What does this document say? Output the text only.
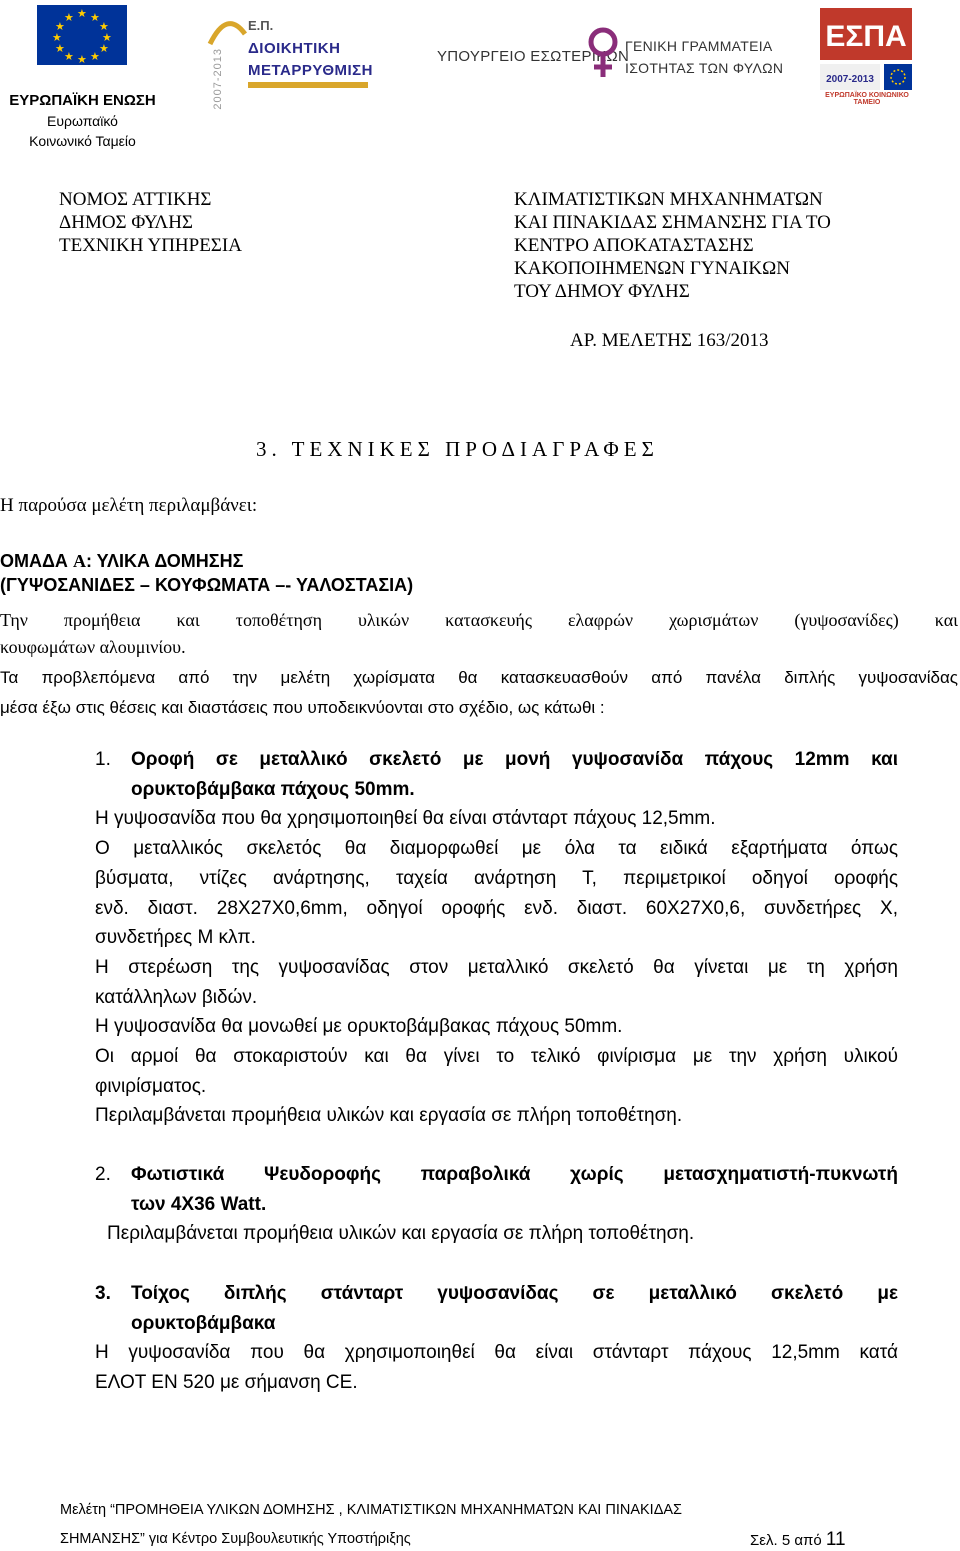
★ ★
★
★
★
★
★
★
★
★
★
★
ΕΥΡΩΠΑΪΚΗ ΕΝΩΣΗ
Ευρωπαϊκό
Κοινωνικό Ταμείο
2007-2013
Ε.Π.
ΔΙΟΙΚΗΤΙΚΗ
ΜΕΤΑΡΡΥΘΜΙΣΗ
ΥΠΟΥΡΓΕΙΟ ΕΣΩΤΕΡΙΚΩΝ
ΓΕΝΙΚΗ ΓΡΑΜΜΑΤΕΙΑ
ΙΣΟΤΗΤΑΣ ΤΩΝ ΦΥΛΩΝ
ΕΣΠΑ
2007-2013
ΕΥΡΩΠΑΪΚΟ ΚΟΙΝΩΝΙΚΟ ΤΑΜΕΙΟ
ΝΟΜΟΣ ΑΤΤΙΚΗΣ
ΔΗΜΟΣ ΦΥΛΗΣ
ΤΕΧΝΙΚΗ ΥΠΗΡΕΣΙΑ
ΚΛΙΜΑΤΙΣΤΙΚΩΝ ΜΗΧΑΝΗΜΑΤΩΝ
ΚΑΙ ΠΙΝΑΚΙΔΑΣ ΣΗΜΑΝΣΗΣ ΓΙΑ ΤΟ
ΚΕΝΤΡΟ ΑΠΟΚΑΤΑΣΤΑΣΗΣ
ΚΑΚΟΠΟΙΗΜΕΝΩΝ ΓΥΝΑΙΚΩΝ
ΤΟΥ ΔΗΜΟΥ ΦΥΛΗΣ
ΑΡ. ΜΕΛΕΤΗΣ 163/2013
3. ΤΕΧΝΙΚΕΣ ΠΡΟΔΙΑΓΡΑΦΕΣ
Η παρούσα μελέτη περιλαμβάνει:
ΟΜΑΔΑ Α: ΥΛΙΚΑ ΔΟΜΗΣΗΣ
(ΓΥΨΟΣΑΝΙΔΕΣ – ΚΟΥΦΩΜΑΤΑ –- ΥΑΛΟΣΤΑΣΙΑ)
Την προμήθεια και τοποθέτηση υλικών κατασκευής ελαφρών χωρισμάτων (γυψοσανίδες) και
κουφωμάτων αλουμινίου.
Τα προβλεπόμενα από την μελέτη χωρίσματα θα κατασκευασθούν από πανέλα διπλής γυψοσανίδας
μέσα έξω στις θέσεις και διαστάσεις που υποδεικνύονται στο σχέδιο, ως κάτωθι :
1.	Οροφή σε μεταλλικό σκελετό με μονή γυψοσανίδα πάχους 12mm και
ορυκτοβάμβακα πάχους 50mm.

Η γυψοσανίδα που θα χρησιμοποιηθεί θα είναι στάνταρτ πάχους 12,5mm.

Ο μεταλλικός σκελετός θα διαμορφωθεί με όλα τα ειδικά εξαρτήματα όπως

βύσματα, ντίζες ανάρτησης, ταχεία ανάρτηση Τ, περιμετρικοί οδηγοί οροφής

ενδ. διαστ. 28Χ27Χ0,6mm, οδηγοί οροφής ενδ. διαστ. 60Χ27Χ0,6, συνδετήρες Χ,

συνδετήρες Μ κλπ.

Η στερέωση της γυψοσανίδας στον μεταλλικό σκελετό θα γίνεται με τη χρήση

κατάλληλων βιδών.

Η γυψοσανίδα θα μονωθεί με ορυκτοβάμβακας πάχους 50mm.

Οι αρμοί θα στοκαριστούν και θα γίνει το τελικό φινίρισμα με την χρήση υλικού

φινιρίσματος.

Περιλαμβάνεται προμήθεια υλικών και εργασία σε πλήρη τοποθέτηση.

2.	Φωτιστικά Ψευδοροφής παραβολικά χωρίς μετασχηματιστή-πυκνωτή
των 4Χ36 Watt.

Περιλαμβάνεται προμήθεια υλικών και εργασία σε πλήρη τοποθέτηση.

3.	Τοίχος διπλής στάνταρτ γυψοσανίδας σε μεταλλικό σκελετό με
ορυκτοβάμβακα

Η γυψοσανίδα που θα χρησιμοποιηθεί θα είναι στάνταρτ πάχους 12,5mm κατά

ΕΛΟΤ ΕΝ 520 με σήμανση CE.

Μελέτη “ΠΡΟΜΗΘΕΙΑ ΥΛΙΚΩΝ ΔΟΜΗΣΗΣ , ΚΛΙΜΑΤΙΣΤΙΚΩΝ ΜΗΧΑΝΗΜΑΤΩΝ ΚΑΙ ΠΙΝΑΚΙΔΑΣ
ΣΗΜΑΝΣΗΣ” για Κέντρο Συμβουλευτικής Υποστήριξης	Σελ. 5 από 11
